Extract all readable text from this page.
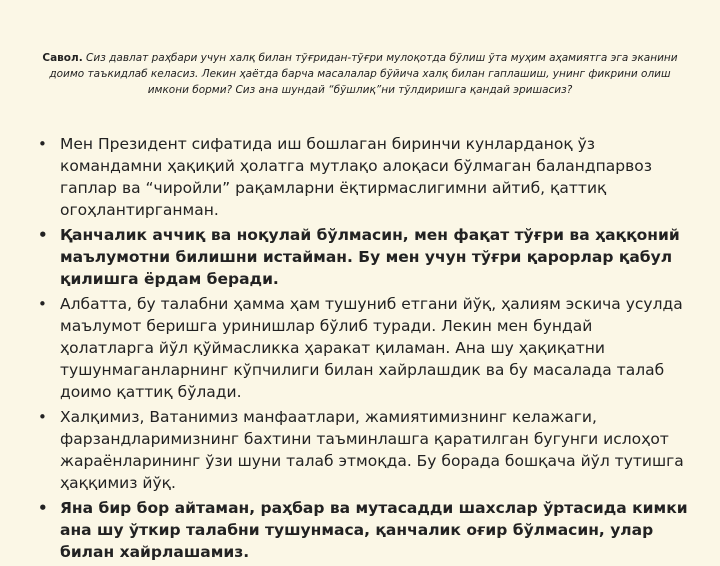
Савол. Сиз давлат раҳбари учун халқ билан тўғридан-тўғри мулоқотда бўлиш ўта муҳим аҳамиятга эга эканини доимо таъкидлаб келасиз. Лекин ҳаётда барча масалалар бўйича халқ билан гаплашиш, унинг фикрини олиш имкони борми? Сиз ана шундай “бўшлиқ”ни тўлдиришга қандай эришасиз?
• Мен Президент сифатида иш бошлаган биринчи кунларданоқ ўз командамни ҳақиқий ҳолатга мутлақо алоқаси бўлмаган баландпарвоз гаплар ва “чиройли” рақамларни ёқтирмаслигимни айтиб, қаттиқ огоҳлантирганман.
• Қанчалик аччиқ ва ноқулай бўлмасин, мен фақат тўғри ва ҳаққоний маълумотни билишни истайман. Бу мен учун тўғри қарорлар қабул қилишга ёрдам беради.
• Албатта, бу талабни ҳамма ҳам тушуниб етгани йўқ, ҳалиям эскича усулда маълумот беришга уринишлар бўлиб туради. Лекин мен бундай ҳолатларга йўл қўймасликка ҳаракат қиламан. Ана шу ҳақиқатни тушунмаганларнинг кўпчилиги билан хайрлашдик ва бу масалада талаб доимо қаттиқ бўлади.
• Халқимиз, Ватанимиз манфаатлари, жамиятимизнинг келажаги, фарзандларимизнинг бахтини таъминлашга қаратилган бугунги ислоҳот жараёнларининг ўзи шуни талаб этмоқда. Бу борада бошқача йўл тутишга ҳаққимиз йўқ.
• Яна бир бор айтаман, раҳбар ва мутасадди шахслар ўртасида кимки ана шу ўткир талабни тушунмаса, қанчалик оғир бўлмасин, улар билан хайрлашамиз.
